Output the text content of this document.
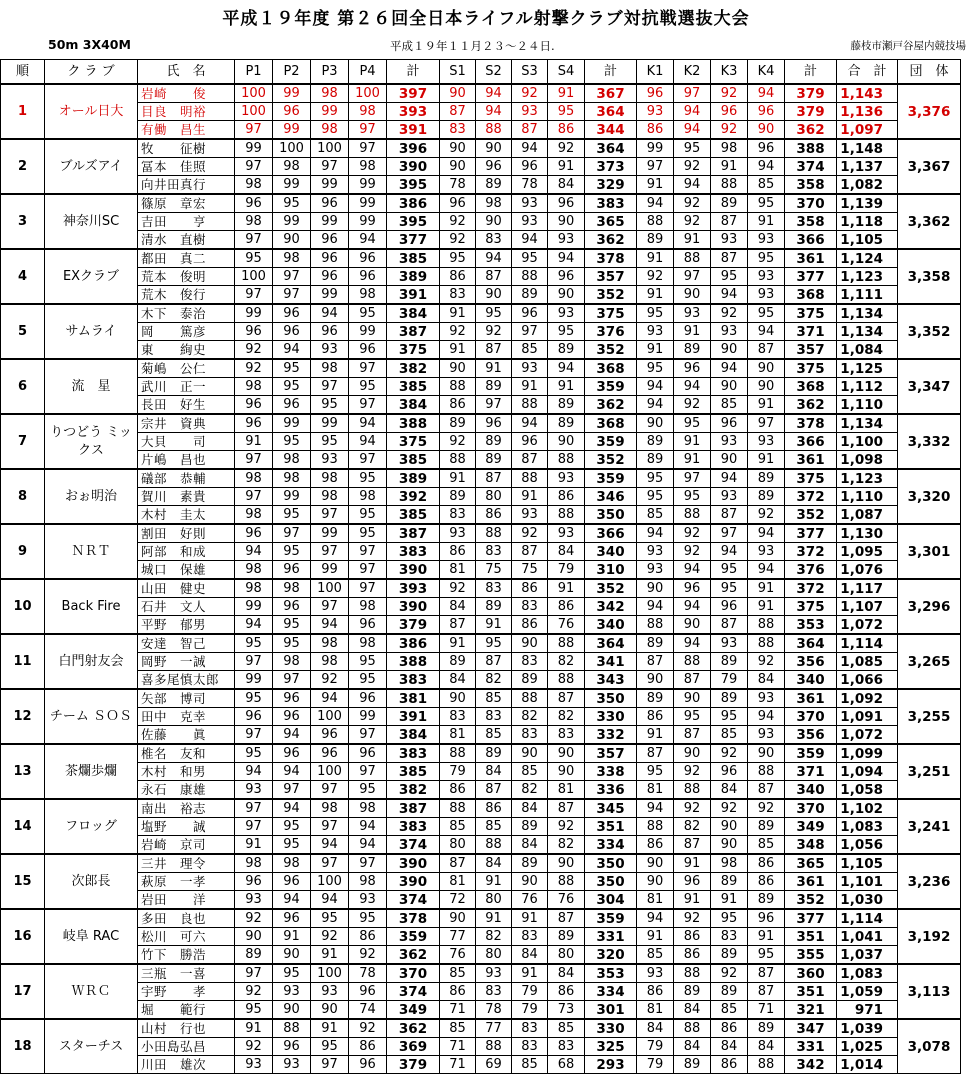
平成１９年度 第２６回全日本ライフル射撃クラブ対抗戦選抜大会
50m 3X40M	平成１９年１１月２３～２４日.	藤枝市瀬戸谷屋内競技場
順	ク ラ ブ	氏　名	P1	P2	P3	P4	計	S1	S2	S3	S4	計	K1	K2	K3	K4	計	合　計	団　体
1	オール日大	岩崎　　俊	100	99	98	100	397	90	94	92	91	367	96	97	92	94	379	1,143	3,376
		目良　明裕	100	96	99	98	393	87	94	93	95	364	93	94	96	96	379	1,136	
		有働　昌生	97	99	98	97	391	83	88	87	86	344	86	94	92	90	362	1,097	
2	ブルズアイ	牧　　征樹	99	100	100	97	396	90	90	94	92	364	99	95	98	96	388	1,148	3,367
		冨本　佳照	97	98	97	98	390	90	96	96	91	373	97	92	91	94	374	1,137	
		向井田真行	98	99	99	99	395	78	89	78	84	329	91	94	88	85	358	1,082	
3	神奈川SC	篠原　章宏	96	95	96	99	386	96	98	93	96	383	94	92	89	95	370	1,139	3,362
		吉田　　亨	98	99	99	99	395	92	90	93	90	365	88	92	87	91	358	1,118	
		清水　直樹	97	90	96	94	377	92	83	94	93	362	89	91	93	93	366	1,105	
4	EXクラブ	都田　真二	95	98	96	96	385	95	94	95	94	378	91	88	87	95	361	1,124	3,358
		荒本　俊明	100	97	96	96	389	86	87	88	96	357	92	97	95	93	377	1,123	
		荒木　俊行	97	97	99	98	391	83	90	89	90	352	91	90	94	93	368	1,111	
5	サムライ	木下　泰治	99	96	94	95	384	91	95	96	93	375	95	93	92	95	375	1,134	3,352
		岡　　篤彦	96	96	96	99	387	92	92	97	95	376	93	91	93	94	371	1,134	
		東　　絢史	92	94	93	96	375	91	87	85	89	352	91	89	90	87	357	1,084	
6	流　星	菊嶋　公仁	92	95	98	97	382	90	91	93	94	368	95	96	94	90	375	1,125	3,347
		武川　正一	98	95	97	95	385	88	89	91	91	359	94	94	90	90	368	1,112	
		長田　好生	96	96	95	97	384	86	97	88	89	362	94	92	85	91	362	1,110	
7	りつどう ミックス	宗井　資典	96	99	99	94	388	89	96	94	89	368	90	95	96	97	378	1,134	3,332
		大貝　　司	91	95	95	94	375	92	89	96	90	359	89	91	93	93	366	1,100	
		片嶋　昌也	97	98	93	97	385	88	89	87	88	352	89	91	90	91	361	1,098	
8	おぉ明治	礒部　恭輔	98	98	98	95	389	91	87	88	93	359	95	97	94	89	375	1,123	3,320
		賀川　素貴	97	99	98	98	392	89	80	91	86	346	95	95	93	89	372	1,110	
		木村　圭太	98	95	97	95	385	83	86	93	88	350	85	88	87	92	352	1,087	
9	ＮＲＴ	割田　好則	96	97	99	95	387	93	88	92	93	366	94	92	97	94	377	1,130	3,301
		阿部　和成	94	95	97	97	383	86	83	87	84	340	93	92	94	93	372	1,095	
		城口　保雄	98	96	99	97	390	81	75	75	79	310	93	94	95	94	376	1,076	
10	Back Fire	山田　健史	98	98	100	97	393	92	83	86	91	352	90	96	95	91	372	1,117	3,296
		石井　文人	99	96	97	98	390	84	89	83	86	342	94	94	96	91	375	1,107	
		平野　郁男	94	95	94	96	379	87	91	86	76	340	88	90	87	88	353	1,072	
11	白門射友会	安達　智己	95	95	98	98	386	91	95	90	88	364	89	94	93	88	364	1,114	3,265
		岡野　一誠	97	98	98	95	388	89	87	83	82	341	87	88	89	92	356	1,085	
		喜多尾慎太郎	99	97	92	95	383	84	82	89	88	343	90	87	79	84	340	1,066	
12	チーム ＳＯＳ	矢部　博司	95	96	94	96	381	90	85	88	87	350	89	90	89	93	361	1,092	3,255
		田中　克幸	96	96	100	99	391	83	83	82	82	330	86	95	95	94	370	1,091	
		佐藤　　眞	97	94	96	97	384	81	85	83	83	332	91	87	85	93	356	1,072	
13	茶爛歩爛	椎名　友和	95	96	96	96	383	88	89	90	90	357	87	90	92	90	359	1,099	3,251
		木村　和男	94	94	100	97	385	79	84	85	90	338	95	92	96	88	371	1,094	
		永石　康雄	93	97	97	95	382	86	87	82	81	336	81	88	84	87	340	1,058	
14	フロッグ	南出　裕志	97	94	98	98	387	88	86	84	87	345	94	92	92	92	370	1,102	3,241
		塩野　　誠	97	95	97	94	383	85	85	89	92	351	88	82	90	89	349	1,083	
		岩崎　京司	91	95	94	94	374	80	88	84	82	334	86	87	90	85	348	1,056	
15	次郎長	三井　理令	98	98	97	97	390	87	84	89	90	350	90	91	98	86	365	1,105	3,236
		萩原　一孝	96	96	100	98	390	81	91	90	88	350	90	96	89	86	361	1,101	
		岩田　　洋	93	94	94	93	374	72	80	76	76	304	81	91	91	89	352	1,030	
16	岐阜 RAC	多田　良也	92	96	95	95	378	90	91	91	87	359	94	92	95	96	377	1,114	3,192
		松川　可六	90	91	92	86	359	77	82	83	89	331	91	86	83	91	351	1,041	
		竹下　勝浩	89	90	91	92	362	76	80	84	80	320	85	86	89	95	355	1,037	
17	ＷＲＣ	三瓶　一喜	97	95	100	78	370	85	93	91	84	353	93	88	92	87	360	1,083	3,113
		宇野　　孝	92	93	93	96	374	86	83	79	86	334	86	89	89	87	351	1,059	
		堀　　範行	95	90	90	74	349	71	78	79	73	301	81	84	85	71	321	971	
18	スターチス	山村　行也	91	88	91	92	362	85	77	83	85	330	84	88	86	89	347	1,039	3,078
		小田島弘昌	92	96	95	86	369	71	88	83	83	325	79	84	84	84	331	1,025	
		川田　雄次	93	93	97	96	379	71	69	85	68	293	79	89	86	88	342	1,014	
